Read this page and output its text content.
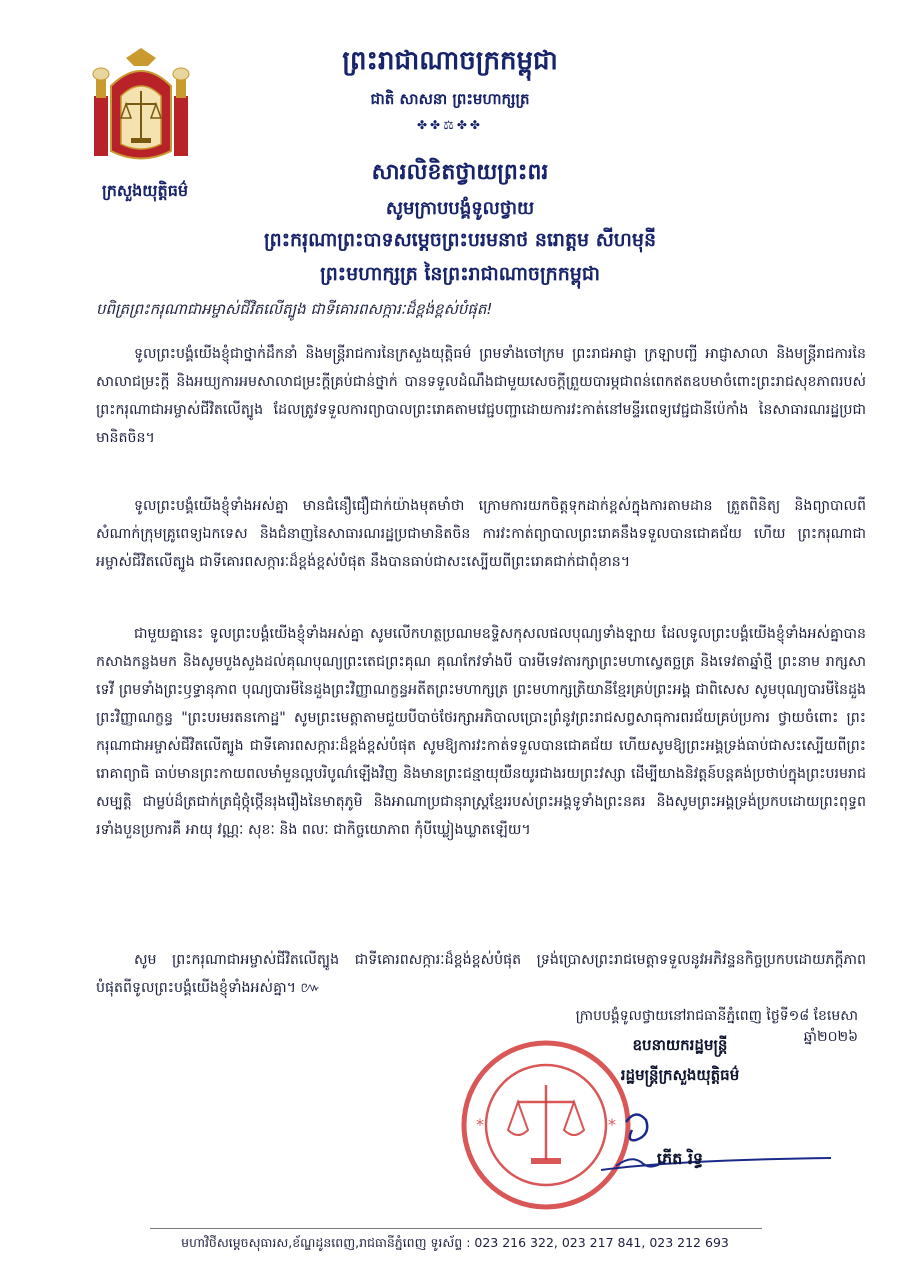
ព្រះរាជាណាចក្រកម្ពុជា
ជាតិ សាសនា ព្រះមហាក្សត្រ
✤✤⚖✤✤
ក្រសួងយុត្តិធម៌
សារលិខិតថ្វាយព្រះពរ
សូមក្រាបបង្គំទូលថ្វាយ
ព្រះករុណាព្រះបាទសម្តេចព្រះបរមនាថ នរោត្តម សីហមុនី
ព្រះមហាក្សត្រ នៃព្រះរាជាណាចក្រកម្ពុជា
បពិត្រព្រះករុណាជាអម្ចាស់ជីវិតលើត្បូង ជាទីគោរពសក្ការៈដ៏ខ្ពង់ខ្ពស់បំផុត!
ទូលព្រះបង្គំយើងខ្ញុំជាថ្នាក់ដឹកនាំ និងមន្ត្រីរាជការនៃក្រសួងយុត្តិធម៌ ព្រមទាំងចៅក្រម ព្រះរាជអាជ្ញា ក្រឡាបញ្ជី អាជ្ញាសាលា និងមន្ត្រីរាជការនៃសាលាជម្រះក្តី និងអយ្យការអមសាលាជម្រះក្តីគ្រប់ជាន់ថ្នាក់ បានទទួលដំណឹងជាមួយសេចក្តីព្រួយបារម្ភជាពន់ពេកឥតឧបមាចំពោះព្រះរាជសុខភាពរបស់ ព្រះករុណាជាអម្ចាស់ជីវិតលើត្បូង ដែលត្រូវទទួលការព្យាបាលព្រះរោគតាមវេជ្ជបញ្ជាដោយការវះកាត់នៅមន្ទីរពេទ្យវេជ្ជជានីប៉េកាំង នៃសាធារណរដ្ឋប្រជាមានិតចិន។
ទូលព្រះបង្គំយើងខ្ញុំទាំងអស់គ្នា មានជំនឿជឿជាក់យ៉ាងមុតមាំថា ក្រោមការយកចិត្តទុកដាក់ខ្ពស់ក្នុងការតាមដាន ត្រួតពិនិត្យ និងព្យាបាលពីសំណាក់ក្រុមគ្រូពេទ្យឯកទេស និងជំនាញនៃសាធារណរដ្ឋប្រជាមានិតចិន ការវះកាត់ព្យាបាលព្រះរោគនឹងទទួលបានជោគជ័យ ហើយ ព្រះករុណាជាអម្ចាស់ជីវិតលើត្បូង ជាទីគោរពសក្ការៈដ៏ខ្ពង់ខ្ពស់បំផុត នឹងបានធាប់ជាសះស្បើយពីព្រះរោគជាក់ជាពុំខាន។
ជាមួយគ្នានេះ ទូលព្រះបង្គំយើងខ្ញុំទាំងអស់គ្នា សូមលើកហត្ថប្រណមឧទ្ទិសកុសលផលបុណ្យទាំងឡាយ ដែលទូលព្រះបង្គំយើងខ្ញុំទាំងអស់គ្នាបានកសាងកន្លងមក និងសូមបួងសួងដល់គុណបុណ្យព្រះតេជព្រះគុណ គុណកែវទាំងបី បារមីទេវតារក្សាព្រះមហាស្វេតច្ឆត្រ និងទេវតាឆ្នាំថ្មី ព្រះនាម រាក្សសាទេវី ព្រមទាំងព្រះឫទ្ធានុភាព បុណ្យបារមីនៃដួងព្រះវិញ្ញាណក្ខន្ធអតីតព្រះមហាក្សត្រ ព្រះមហាក្សត្រិយានីខ្មែរគ្រប់ព្រះអង្គ ជាពិសេស សូមបុណ្យបារមីនៃដួងព្រះវិញ្ញាណក្ខន្ធ "ព្រះបរមរតនកោដ្ឋ" សូមព្រះមេត្តាតាមជួយបីបាច់ថែរក្សាអភិបាលប្រោះព្រំនូវព្រះរាជសព្វសាធុការពរជ័យគ្រប់ប្រការ ថ្វាយចំពោះ ព្រះករុណាជាអម្ចាស់ជីវិតលើត្បូង ជាទីគោរពសក្ការៈដ៏ខ្ពង់ខ្ពស់បំផុត សូមឱ្យការវះកាត់ទទួលបានជោគជ័យ ហើយសូមឱ្យព្រះអង្គទ្រង់ធាប់ជាសះស្បើយពីព្រះរោគាព្យាធិ ធាប់មានព្រះកាយពលមាំមួនល្អបរិបូណ៌ឡើងវិញ និងមានព្រះជន្មាយុយឺនយូរជាងរយព្រះវស្សា ដើម្បីយាងនិវត្តន៍បន្តគង់ប្រថាប់ក្នុងព្រះបរមរាជសម្បត្តិ ជាម្លប់ដ៏ត្រជាក់ត្រជុំថ្កុំថ្កើនរុងរឿងនៃមាតុភូមិ និងអាណាប្រជានុរាស្ត្រខ្មែររបស់ព្រះអង្គទូទាំងព្រះនគរ និងសូមព្រះអង្គទ្រង់ប្រកបដោយព្រះពុទ្ធពរទាំងបួនប្រការគឺ អាយុ វណ្ណៈ សុខៈ និង ពលៈ ជាកិច្ចយោភាព កុំបីឃ្លៀងឃ្លាតឡើយ។
សូម ព្រះករុណាជាអម្ចាស់ជីវិតលើត្បូង ជាទីគោរពសក្ការៈដ៏ខ្ពង់ខ្ពស់បំផុត ទ្រង់ប្រោសព្រះរាជមេត្តាទទួលនូវអភិវន្ទនកិច្ចប្រកបដោយភក្តីភាពបំផុតពីទូលព្រះបង្គំយើងខ្ញុំទាំងអស់គ្នា។ ៚
ក្រាបបង្គំទូលថ្វាយនៅរាជធានីភ្នំពេញ ថ្ងៃទី១៨ ខែមេសា ឆ្នាំ២០២៦
*	*
ឧបនាយករដ្ឋមន្ត្រី
រដ្ឋមន្ត្រីក្រសួងយុត្តិធម៌
កើត រិទ្ធ
មហាវិថីសម្តេចសុធារស,ខ័ណ្ឌដូនពេញ,រាជធានីភ្នំពេញ ទូរស័ព្ទ : 023 216 322, 023 217 841, 023 212 693
